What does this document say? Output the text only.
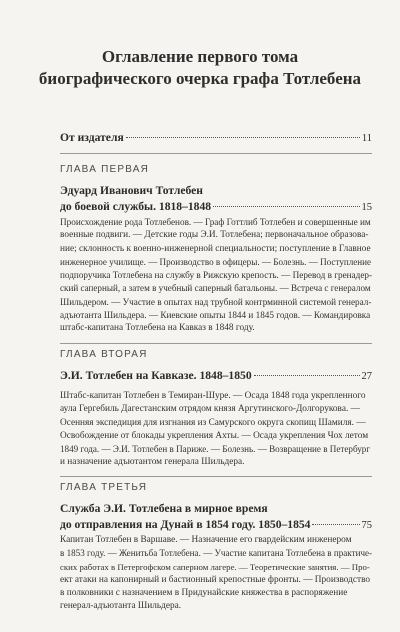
Оглавление первого тома
биографического очерка графа Тотлебена
От издателя	11
ГЛАВА ПЕРВАЯ
Эдуард Иванович Тотлебен
до боевой службы. 1818–1848	15
Происхождение рода Тотлебенов. — Граф Готтлиб Тотлебен и совершенные им
военные подвиги. — Детские годы Э.И. Тотлебена; первоначальное образова-
ние; склонность к военно-инженерной специальности; поступление в Главное
инженерное училище. — Производство в офицеры. — Болезнь. — Поступление
подпоручика Тотлебена на службу в Рижскую крепость. — Перевод в гренадер-
ский саперный, а затем в учебный саперный батальоны. — Встреча с генералом
Шильдером. — Участие в опытах над трубной контрминной системой генерал-
адъютанта Шильдера. — Киевские опыты 1844 и 1845 годов. — Командировка
штабс-капитана Тотлебена на Кавказ в 1848 году.
ГЛАВА ВТОРАЯ
Э.И. Тотлебен на Кавказе. 1848–1850	27
Штабс-капитан Тотлебен в Темиран-Шуре. — Осада 1848 года укрепленного
аула Гергебиль Дагестанским отрядом князя Аргутинского-Долгорукова. —
Осенняя экспедиция для изгнания из Самурского округа скопищ Шамиля. —
Освобождение от блокады укрепления Ахты. — Осада укрепления Чох летом
1849 года. — Э.И. Тотлебен в Париже. — Болезнь. — Возвращение в Петербург
и назначение адъютантом генерала Шильдера.
ГЛАВА ТРЕТЬЯ
Служба Э.И. Тотлебена в мирное время
до отправления на Дунай в 1854 году. 1850–1854	75
Капитан Тотлебен в Варшаве. — Назначение его гвардейским инженером
в 1853 году. — Женитьба Тотлебена. — Участие капитана Тотлебена в практиче-
ских работах в Петергофском саперном лагере. — Теоретические занятия. — Про-
ект атаки на капонирный и бастионный крепостные фронты. — Производство
в полковники с назначением в Придунайские княжества в распоряжение
генерал-адъютанта Шильдера.
